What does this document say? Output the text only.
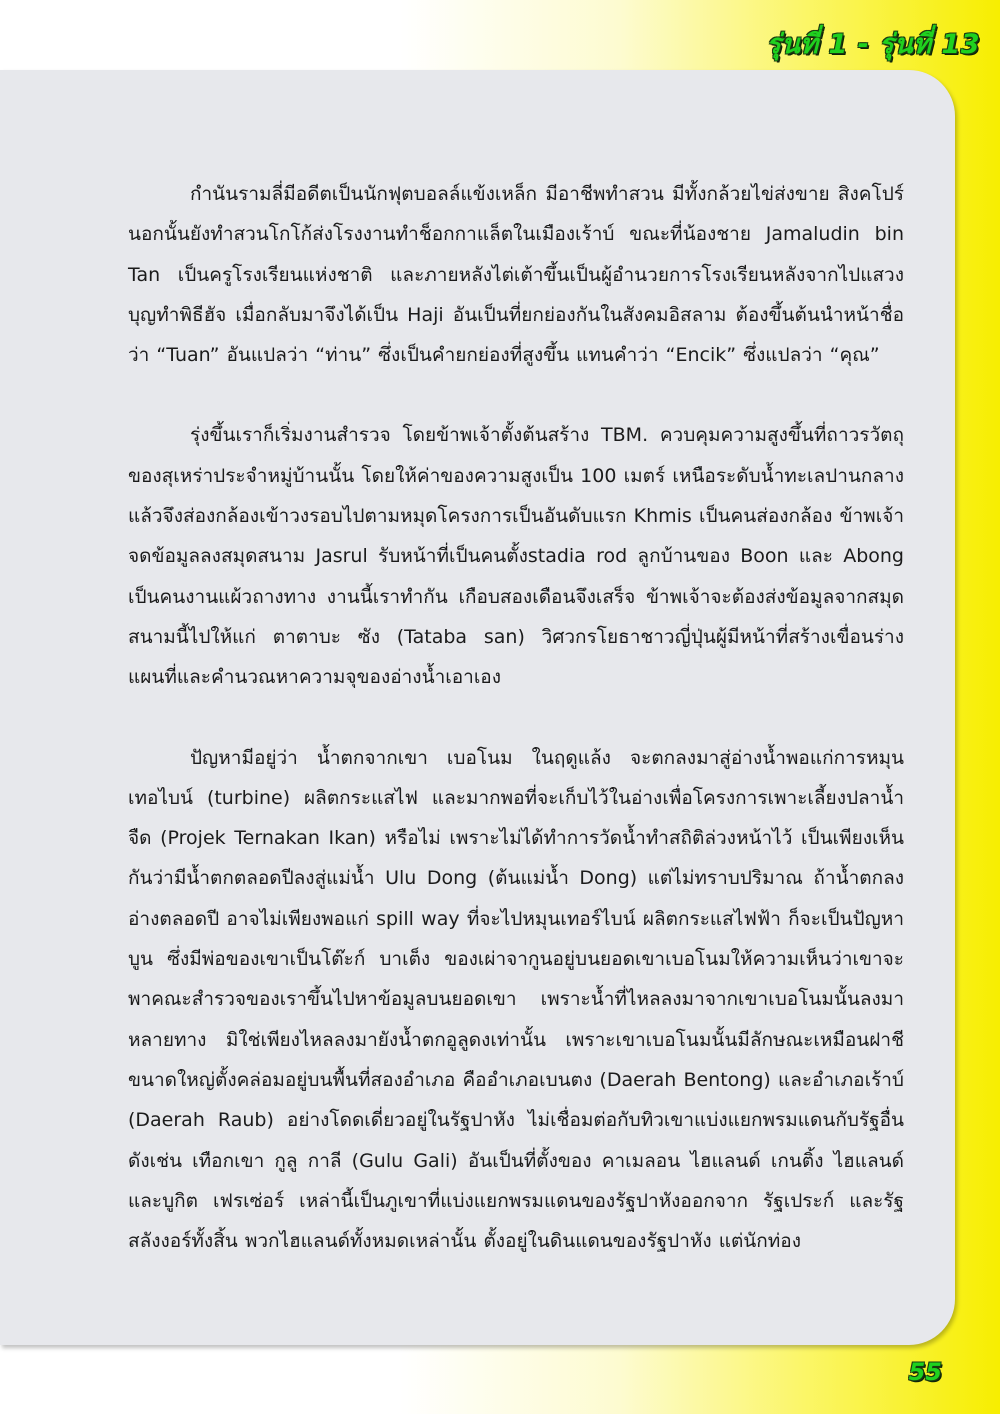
รุ่นที่ 1 - รุ่นที่ 13

กำนันรามลี่มีอดีตเป็นนักฟุตบอลล์แข้งเหล็ก มีอาชีพทำสวน มีทั้งกล้วยไข่ส่งขาย สิงคโปร์ นอกนั้นยังทำสวนโกโก้ส่งโรงงานทำช็อกกาแล็ตในเมืองเร้าบ์ ขณะที่น้องชาย Jamaludin bin Tan เป็นครูโรงเรียนแห่งชาติ และภายหลังไต่เต้าขึ้นเป็นผู้อำนวยการโรงเรียนหลังจากไปแสวงบุญทำพิธีฮัจ เมื่อกลับมาจึงได้เป็น Haji อันเป็นที่ยกย่องกันในสังคมอิสลาม ต้องขึ้นต้นนำหน้าชื่อว่า “Tuan” อันแปลว่า “ท่าน” ซึ่งเป็นคำยกย่องที่สูงขึ้น แทนคำว่า “Encik” ซึ่งแปลว่า “คุณ”

รุ่งขึ้นเราก็เริ่มงานสำรวจ โดยข้าพเจ้าตั้งต้นสร้าง TBM. ควบคุมความสูงขึ้นที่ถาวรวัตถุของสุเหร่าประจำหมู่บ้านนั้น โดยให้ค่าของความสูงเป็น 100 เมตร์ เหนือระดับน้ำทะเลปานกลาง แล้วจึงส่องกล้องเข้าวงรอบไปตามหมุดโครงการเป็นอันดับแรก Khmis เป็นคนส่องกล้อง ข้าพเจ้าจดข้อมูลลงสมุดสนาม Jasrul รับหน้าที่เป็นคนตั้งstadia rod ลูกบ้านของ Boon และ Abong เป็นคนงานแผ้วถางทาง งานนี้เราทำกัน เกือบสองเดือนจึงเสร็จ ข้าพเจ้าจะต้องส่งข้อมูลจากสมุดสนามนี้ไปให้แก่ ตาตาบะ ซัง (Tataba san) วิศวกรโยธาชาวญี่ปุ่นผู้มีหน้าที่สร้างเขื่อนร่างแผนที่และคำนวณหาความจุของอ่างน้ำเอาเอง

ปัญหามีอยู่ว่า น้ำตกจากเขา เบอโนม ในฤดูแล้ง จะตกลงมาสู่อ่างน้ำพอแก่การหมุนเทอไบน์ (turbine) ผลิตกระแสไฟ และมากพอที่จะเก็บไว้ในอ่างเพื่อโครงการเพาะเลี้ยงปลาน้ำจืด (Projek Ternakan Ikan) หรือไม่ เพราะไม่ได้ทำการวัดน้ำทำสถิติล่วงหน้าไว้ เป็นเพียงเห็นกันว่ามีน้ำตกตลอดปีลงสู่แม่น้ำ Ulu Dong (ต้นแม่น้ำ Dong) แต่ไม่ทราบปริมาณ ถ้าน้ำตกลงอ่างตลอดปี อาจไม่เพียงพอแก่ spill way ที่จะไปหมุนเทอร์ไบน์ ผลิตกระแสไฟฟ้า ก็จะเป็นปัญหา บูน ซึ่งมีพ่อของเขาเป็นโต๊ะก์ บาเต็ง ของเผ่าจากูนอยู่บนยอดเขาเบอโนมให้ความเห็นว่าเขาจะพาคณะสำรวจของเราขึ้นไปหาข้อมูลบนยอดเขา เพราะน้ำที่ไหลลงมาจากเขาเบอโนมนั้นลงมาหลายทาง มิใช่เพียงไหลลงมายังน้ำตกอูลูดงเท่านั้น เพราะเขาเบอโนมนั้นมีลักษณะเหมือนฝาชีขนาดใหญ่ตั้งคล่อมอยู่บนพื้นที่สองอำเภอ คืออำเภอเบนตง (Daerah Bentong) และอำเภอเร้าบ์ (Daerah Raub) อย่างโดดเดี่ยวอยู่ในรัฐปาหัง ไม่เชื่อมต่อกับทิวเขาแบ่งแยกพรมแดนกับรัฐอื่น ดังเช่น เทือกเขา กูลู กาลี (Gulu Gali) อันเป็นที่ตั้งของ คาเมลอน ไฮแลนด์ เกนติ้ง ไฮแลนด์ และบูกิต เฟรเซ่อร์ เหล่านี้เป็นภูเขาที่แบ่งแยกพรมแดนของรัฐปาหังออกจาก รัฐเประก์ และรัฐสลังงอร์ทั้งสิ้น พวกไฮแลนด์ทั้งหมดเหล่านั้น ตั้งอยู่ในดินแดนของรัฐปาหัง แต่นักท่อง

55
